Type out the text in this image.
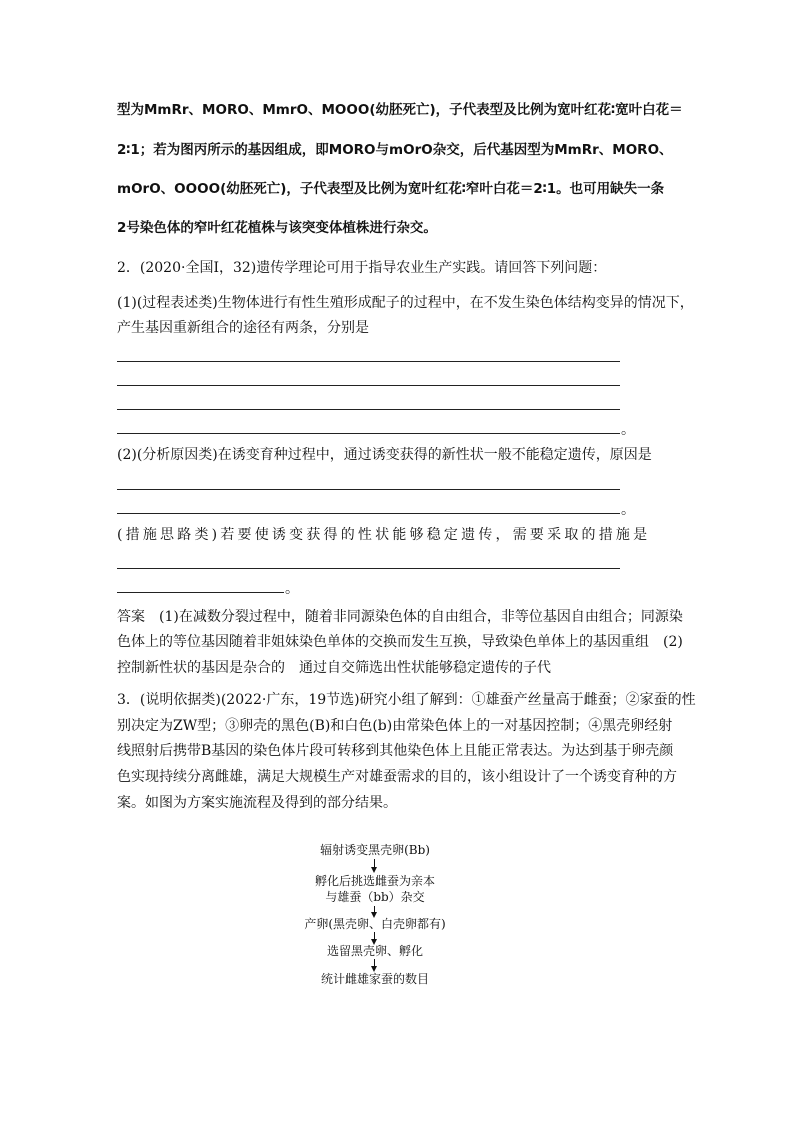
型为MmRr、MORO、MmrO、MOOO(幼胚死亡)，子代表型及比例为宽叶红花∶宽叶白花＝
2∶1；若为图丙所示的基因组成，即MORO与mOrO杂交，后代基因型为MmRr、MORO、
mOrO、OOOO(幼胚死亡)，子代表型及比例为宽叶红花∶窄叶白花＝2∶1。也可用缺失一条
2号染色体的窄叶红花植株与该突变体植株进行杂交。
2．(2020·全国Ⅰ，32)遗传学理论可用于指导农业生产实践。请回答下列问题：
(1)(过程表述类)生物体进行有性生殖形成配子的过程中，在不发生染色体结构变异的情况下，
产生基因重新组合的途径有两条，分别是
。
(2)(分析原因类)在诱变育种过程中，通过诱变获得的新性状一般不能稳定遗传，原因是
。
(措施思路类)若要使诱变获得的性状能够稳定遗传，需要采取的措施是
。
答案　(1)在减数分裂过程中，随着非同源染色体的自由组合，非等位基因自由组合；同源染
色体上的等位基因随着非姐妹染色单体的交换而发生互换，导致染色单体上的基因重组　(2)
控制新性状的基因是杂合的　通过自交筛选出性状能够稳定遗传的子代
3．(说明依据类)(2022·广东，19节选)研究小组了解到：①雄蚕产丝量高于雌蚕；②家蚕的性
别决定为ZW型；③卵壳的黑色(B)和白色(b)由常染色体上的一对基因控制；④黑壳卵经射
线照射后携带B基因的染色体片段可转移到其他染色体上且能正常表达。为达到基于卵壳颜
色实现持续分离雌雄，满足大规模生产对雄蚕需求的目的，该小组设计了一个诱变育种的方
案。如图为方案实施流程及得到的部分结果。
辐射诱变黑壳卵(Bb)
孵化后挑选雌蚕为亲本
与雄蚕（bb）杂交
产卵(黑壳卵、白壳卵都有)
选留黑壳卵、孵化
统计雌雄家蚕的数目
